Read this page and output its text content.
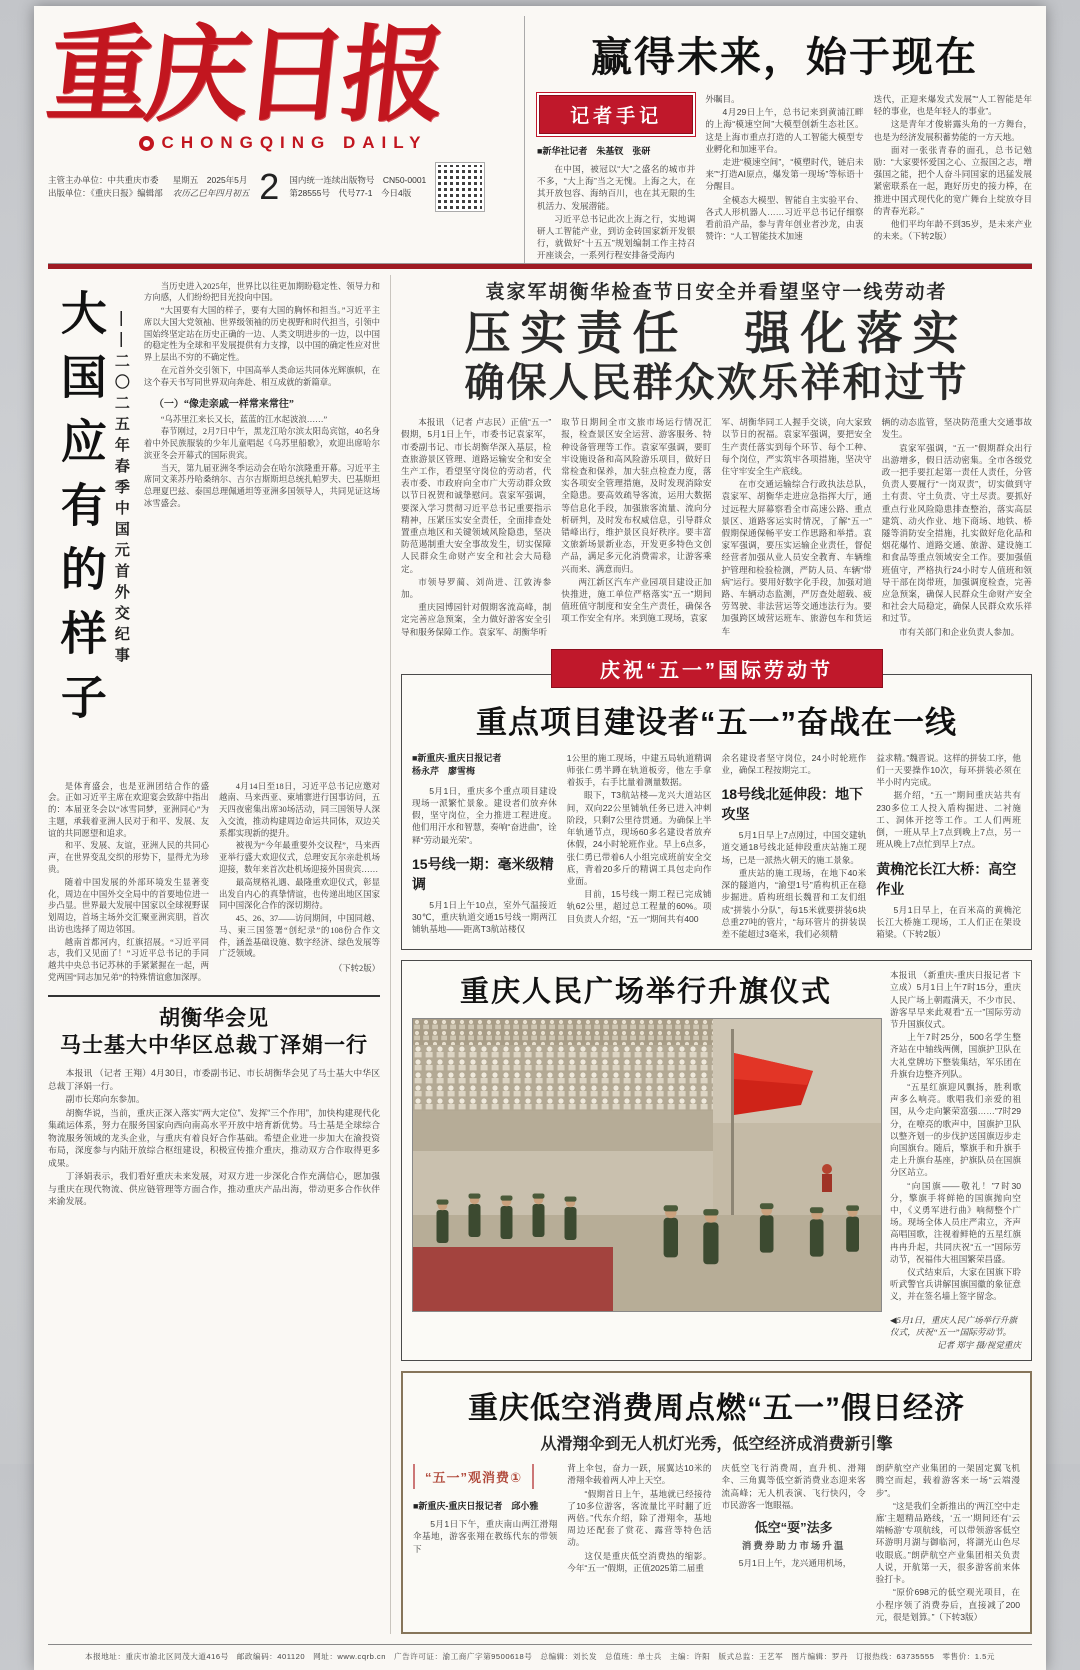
重庆日报
CHONGQING DAILY
主管主办单位：中共重庆市委
出版单位：《重庆日报》编辑部
星期五　2025年5月
农历乙巳年四月初五 2 国内统一连续出版物号　CN50-0001
第28555号　代号77-1　今日4版
赢得未来，始于现在
记者手记
■新华社记者　朱基钗　张研

在中国，被冠以“大”之盛名的城市并不多，“大上海”当之无愧。上海之大，在其开放包容、海纳百川，也在其无限的生机活力、发展潜能。

习近平总书记此次上海之行，实地调研人工智能产业，到访金砖国家新开发银行，就做好“十五五”规划编制工作主持召开座谈会，一系列行程安排备受海内

外瞩目。

4月29日上午，总书记来到黄浦江畔的上海“模速空间”大模型创新生态社区。这是上海市重点打造的人工智能大模型专业孵化和加速平台。

走进“模速空间”，“模塑时代，链启未来”“打造AI原点，爆发第一现场”等标语十分醒目。

全模态大模型、智能自主实验平台、各式人形机器人……习近平总书记仔细察看前沿产品，参与青年创业者沙龙，由衷赞许：“人工智能技术加速

迭代，正迎来爆发式发展”“人工智能是年轻的事业，也是年轻人的事业”。

这是青年才俊崭露头角的一方舞台，也是为经济发展积蓄势能的一方天地。

面对一张张青春的面孔，总书记勉励：“大家要怀爱国之心、立报国之志，增强国之能，把个人奋斗同国家的迅猛发展紧密联系在一起，跑好历史的接力棒，在推进中国式现代化的宽广舞台上绽放夺目的青春光彩。”

他们平均年龄不到35岁，是未来产业的未来。（下转2版）

大国应有的样子 ——二〇二五年春季中国元首外交纪事

当历史进入2025年，世界比以往更加期盼稳定性、领导力和方向感，人们纷纷把目光投向中国。

“大国要有大国的样子，要有大国的胸怀和担当。”习近平主席以大国大党领袖、世界级领袖的历史视野和时代担当，引领中国始终坚定站在历史正确的一边、人类文明进步的一边，以中国的稳定性为全球和平发展提供有力支撑，以中国的确定性应对世界上层出不穷的不确定性。

在元首外交引领下，中国高举人类命运共同体光辉旗帜，在这个春天书写同世界双向奔赴、相互成就的新篇章。

（一）“像走亲戚一样常来常往”

“乌苏里江来长又长，蓝蓝的江水起波浪……”

春节刚过，2月7日中午，黑龙江哈尔滨太阳岛宾馆，40名身着中外民族服装的少年儿童唱起《乌苏里船歌》，欢迎出席哈尔滨亚冬会开幕式的国际贵宾。

当天，第九届亚洲冬季运动会在哈尔滨隆重开幕。习近平主席同文莱苏丹哈桑纳尔、吉尔吉斯斯坦总统扎帕罗夫、巴基斯坦总理夏巴兹、泰国总理佩通坦等亚洲多国领导人，共同见证这场冰雪盛会。

是体育盛会，也是亚洲团结合作的盛会。正如习近平主席在欢迎宴会致辞中指出的：本届亚冬会以“冰雪同梦，亚洲同心”为主题，承载着亚洲人民对于和平、发展、友谊的共同愿望和追求。

和平、发展、友谊，亚洲人民的共同心声，在世界变乱交织的形势下，显得尤为珍贵。

随着中国发展的外部环境发生显著变化，周边在中国外交全局中的首要地位进一步凸显。世界最大发展中国家以全球视野谋划周边，首场主场外交汇聚亚洲宾朋，首次出访也选择了周边邻国。

越南首都河内，红旗招展。“习近平同志，我们又见面了！”习近平总书记的手同越共中央总书记苏林的手紧紧握在一起，两党两国“同志加兄弟”的特殊情谊愈加深厚。

4月14日至18日，习近平总书记应邀对越南、马来西亚、柬埔寨进行国事访问，五天四夜密集出席30场活动，同三国领导人深入交流，推动构建周边命运共同体，双边关系都实现新的提升。

被视为“今年最重要外交议程”，马来西亚举行盛大欢迎仪式，总理安瓦尔亲赴机场迎接，数年来首次赴机场迎接外国贵宾……

最高规格礼遇、最隆重欢迎仪式，彰显出发自内心的真挚情谊，也传递出地区国家同中国深化合作的深切期待。

45、26、37——访问期间，中国同越、马、柬三国签署“创纪录”的108份合作文件，涵盖基础设施、数字经济、绿色发展等广泛领域。

（下转2版）
胡衡华会见
马士基大中华区总裁丁泽娟一行

本报讯 （记者 王翔）4月30日，市委副书记、市长胡衡华会见了马士基大中华区总裁丁泽娟一行。

副市长郑向东参加。

胡衡华说，当前，重庆正深入落实“两大定位”、发挥“三个作用”，加快构建现代化集疏运体系，努力在服务国家向西向南高水平开放中培育新优势。马士基是全球综合物流服务领域的龙头企业，与重庆有着良好合作基础。希望企业进一步加大在渝投资布局，深度参与内陆开放综合枢纽建设，积极宣传推介重庆，推动双方合作取得更多成果。

丁泽娟表示，我们看好重庆未来发展，对双方进一步深化合作充满信心，愿加强与重庆在现代物流、供应链管理等方面合作，推动重庆产品出海，带动更多合作伙伴来渝发展。

袁家军胡衡华检查节日安全并看望坚守一线劳动者
压实责任　强化落实
确保人民群众欢乐祥和过节

本报讯 （记者 卢志民）正值“五一”假期，5月1日上午，市委书记袁家军，市委副书记、市长胡衡华深入基层，检查旅游景区管理、道路运输安全和安全生产工作，看望坚守岗位的劳动者，代表市委、市政府向全市广大劳动群众致以节日祝贺和诚挚慰问。袁家军强调，要深入学习贯彻习近平总书记重要指示精神，压紧压实安全责任，全面排查处置重点地区和关键领域风险隐患，坚决防范遏制重大安全事故发生，切实保障人民群众生命财产安全和社会大局稳定。

市领导罗蔺、刘尚进、江敦涛参加。

重庆园博园针对假期客流高峰，制定完善应急预案，全力做好游客安全引导和服务保障工作。袁家军、胡衡华听

取节日期间全市文旅市场运行情况汇报，检查景区安全运营、游客服务、特种设备管理等工作。袁家军强调，要盯牢设施设备和高风险游乐项目，做好日常检查和保养，加大驻点检查力度，落实各项安全管理措施，及时发现消除安全隐患。要高效疏导客流，运用大数据等信息化手段，加强旅客流量、流向分析研判，及时发布权威信息，引导群众错峰出行，维护景区良好秩序。要丰富文旅新场景新业态，开发更多特色文创产品，满足多元化消费需求，让游客乘兴而来、满意而归。

两江新区汽车产业园项目建设正加快推进，施工单位严格落实“五一”期间值班值守制度和安全生产责任，确保各项工作安全有序。来到施工现场，袁家

军、胡衡华同工人握手交谈，向大家致以节日的祝福。袁家军强调，要把安全生产责任落实到每个环节、每个工种、每个岗位，严实筑牢各项措施，坚决守住守牢安全生产底线。

在市交通运输综合行政执法总队，袁家军、胡衡华走进应急指挥大厅，通过远程大屏幕察看全市高速公路、重点景区、道路客运实时情况，了解“五一”假期保通保畅平安工作思路和举措。袁家军强调，要压实运输企业责任，督促经营者加强从业人员安全教育、车辆维护管理和检验检测，严防人员、车辆“带病”运行。要用好数字化手段，加强对道路、车辆动态监测，严厉查处超载、疲劳驾驶、非法营运等交通违法行为。要加强跨区域营运班车、旅游包车和货运车

辆的动态监管，坚决防范重大交通事故发生。

袁家军强调，“五一”假期群众出行出游增多，假日活动密集。全市各级党政一把手要扛起第一责任人责任，分管负责人要履行“一岗双责”，切实做到守土有责、守土负责、守土尽责。要抓好重点行业风险隐患排查整治，落实高层建筑、动火作业、地下商场、地铁、桥隧等消防安全措施，扎实做好危化品和烟花爆竹、道路交通、旅游、建设施工和食品等重点领域安全工作。要加强值班值守，严格执行24小时专人值班和领导干部在岗带班，加强调度检查，完善应急预案，确保人民群众生命财产安全和社会大局稳定，确保人民群众欢乐祥和过节。

市有关部门和企业负责人参加。

庆祝“五一”国际劳动节
重点项目建设者“五一”奋战在一线
■新重庆-重庆日报记者
杨永芹　廖雪梅

5月1日，重庆多个重点项目建设现场一派繁忙景象。建设者们放弃休假，坚守岗位，全力推进工程进度。他们用汗水和智慧，奏响“奋进曲”，诠释“劳动最光荣”。

15号线一期：毫米级精调

5月1日上午10点，室外气温接近30℃，重庆轨道交通15号线一期两江铺轨基地——距离T3航站楼仅

1公里的施工现场，中建五局轨道精调师张仁勇半蹲在轨道板旁，他左手拿着扳手，右手比量着测量数据。

眼下，T3航站楼—龙兴大道站区间，双向22公里铺轨任务已进入冲刺阶段，只剩7公里待贯通。为确保上半年轨通节点，现场60多名建设者放弃休假，24小时轮班作业。早上6点多，张仁勇已带着6人小组完成班前安全交底，背着20多斤的精调工具包走向作业面。

目前，15号线一期工程已完成铺轨62公里，超过总工程量的60%。项目负责人介绍，“五一”期间共有400

余名建设者坚守岗位，24小时轮班作业，确保工程按期完工。

18号线北延伸段：地下攻坚

5月1日早上7点刚过，中国交建轨道交通18号线北延伸段重庆站施工现场，已是一派热火朝天的施工景象。

重庆站的施工现场，在地下40米深的隧道内，“渝望1号”盾构机正在稳步掘进。盾构班组长魏晋和工友们组成“拼装小分队”，每15米就要拼装6块总重27吨的管片，“每环管片的拼装误差不能超过3毫米，我们必须精

益求精。”魏晋说。这样的拼装工序，他们一天要操作10次，每环拼装必须在半小时内完成。

据介绍，“五一”期间重庆站共有230多位工人投入盾构掘进、二衬施工、洞体开挖等工作。工人们两班倒，一班从早上7点到晚上7点，另一班从晚上7点忙到早上7点。

黄桷沱长江大桥：高空作业

5月1日早上，在百米高的黄桷沱长江大桥施工现场，工人们正在架设箱梁。（下转2版）

重庆人民广场举行升旗仪式

本报讯 （新重庆-重庆日报记者 卞立成）5月1日上午7时15分，重庆人民广场上朝霞满天，不少市民、游客早早来此观看“五一”国际劳动节升国旗仪式。

上午7时25分，500名学生整齐站在中轴线两侧，国旗护卫队在大礼堂牌坊下整装集结，军乐团在升旗台边整齐列队。

“五星红旗迎风飘扬，胜利歌声多么响亮。歌唱我们亲爱的祖国，从今走向繁荣富强……”7时29分，在嘹亮的歌声中，国旗护卫队以整齐划一的步伐护送国旗迈步走向国旗台。随后，擎旗手和升旗手走上升旗台基座，护旗队员在国旗分区站立。

“向国旗——敬礼！”7时30分，擎旗手将鲜艳的国旗抛向空中，《义勇军进行曲》响彻整个广场。现场全体人员庄严肃立，齐声高唱国歌，注视着鲜艳的五星红旗冉冉升起，共同庆祝“五一”国际劳动节，祝福伟大祖国繁荣昌盛。

仪式结束后，大家在国旗下聆听武警官兵讲解国旗国徽的象征意义，并在签名墙上签字留念。

◀5月1日，重庆人民广场举行升旗仪式，庆祝“五一”国际劳动节。
记者 郑宇 摄/视觉重庆
重庆低空消费周点燃“五一”假日经济
从滑翔伞到无人机灯光秀，低空经济成消费新引擎
“五一”观消费①
■新重庆-重庆日报记者　邱小雅

5月1日下午，重庆南山两江滑翔伞基地，游客张翔在教练代东的带领下

背上伞包，奋力一跃，展翼达10米的滑翔伞载着两人冲上天空。

“假期首日上午，基地就已经接待了10多位游客，客流量比平时翻了近两倍。”代东介绍，除了滑翔伞，基地周边还配套了赏花、露营等特色活动。

这仅是重庆低空消费热的缩影。今年“五一”假期，正值2025第二届重

庆低空飞行消费周，直升机、滑翔伞、三角翼等低空新消费业态迎来客流高峰；无人机表演、飞行快闪，令市民游客一饱眼福。

低空“耍”法多
消费券助力市场升温

5月1日上午，龙兴通用机场，

朗萨航空产业集团的一架固定翼飞机腾空而起，载着游客来一场“云端漫步”。

“这是我们全新推出的‘两江空中走廊’主题精品路线，‘五一’期间还有‘云端畅游’专项航线，可以带领游客低空环游明月湖与御临河，将湖光山色尽收眼底。”朗萨航空产业集团相关负责人说，开航第一天，很多游客前来体验打卡。

“原价698元的低空观光项目，在小程序领了消费券后，直接减了200元，很是划算。”（下转3版）

本报地址：重庆市渝北区同茂大道416号　邮政编码：401120　网址：www.cqrb.cn　广告许可证：渝工商广字第9500618号　总编辑：刘长发　总值班：单士兵　主编：许阳　版式总监：王艺军　图片编辑：罗丹　订报热线：63735555　零售价：1.5元
